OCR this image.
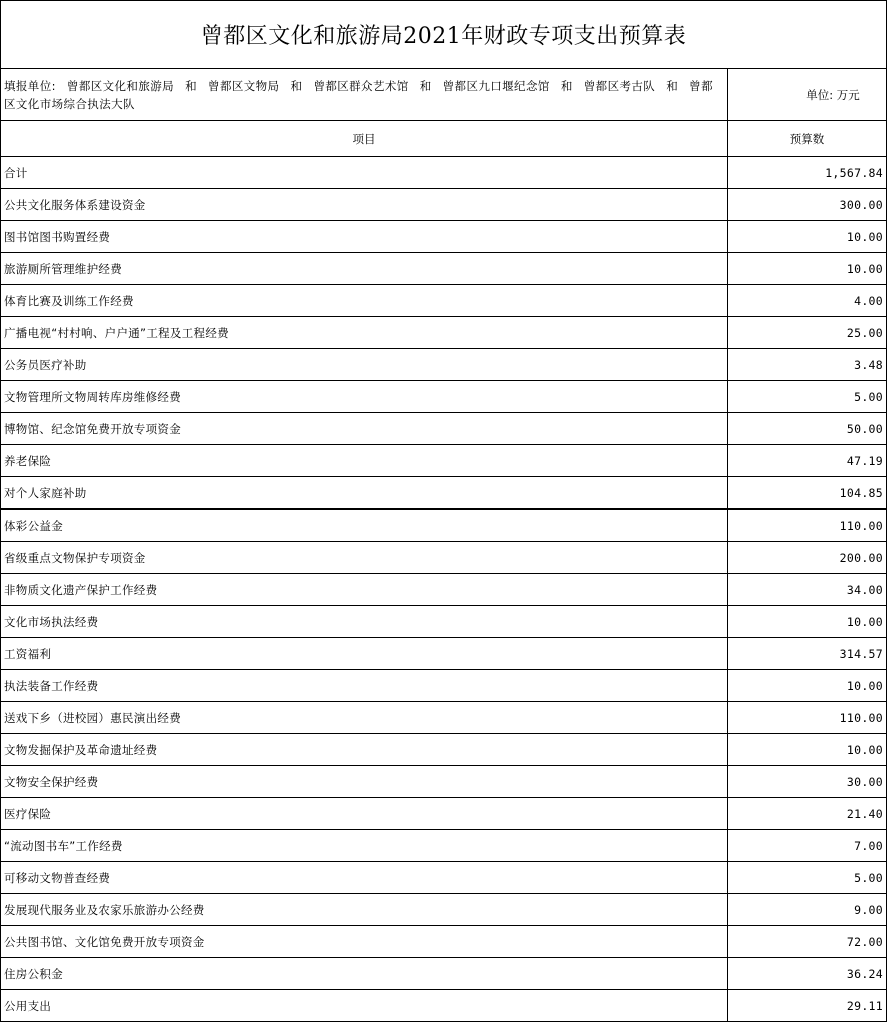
曾都区文化和旅游局2021年财政专项支出预算表	
填报单位: 曾都区文化和旅游局 和 曾都区文物局 和 曾都区群众艺术馆 和 曾都区九口堰纪念馆 和 曾都区考古队 和 曾都区文化市场综合执法大队	单位: 万元
项目	预算数
合计	1,567.84
公共文化服务体系建设资金	300.00
图书馆图书购置经费	10.00
旅游厕所管理维护经费	10.00
体育比赛及训练工作经费	4.00
广播电视“村村响、户户通”工程及工程经费	25.00
公务员医疗补助	3.48
文物管理所文物周转库房维修经费	5.00
博物馆、纪念馆免费开放专项资金	50.00
养老保险	47.19
对个人家庭补助	104.85
体彩公益金	110.00
省级重点文物保护专项资金	200.00
非物质文化遗产保护工作经费	34.00
文化市场执法经费	10.00
工资福利	314.57
执法装备工作经费	10.00
送戏下乡（进校园）惠民演出经费	110.00
文物发掘保护及革命遗址经费	10.00
文物安全保护经费	30.00
医疗保险	21.40
“流动图书车”工作经费	7.00
可移动文物普查经费	5.00
发展现代服务业及农家乐旅游办公经费	9.00
公共图书馆、文化馆免费开放专项资金	72.00
住房公积金	36.24
公用支出	29.11
